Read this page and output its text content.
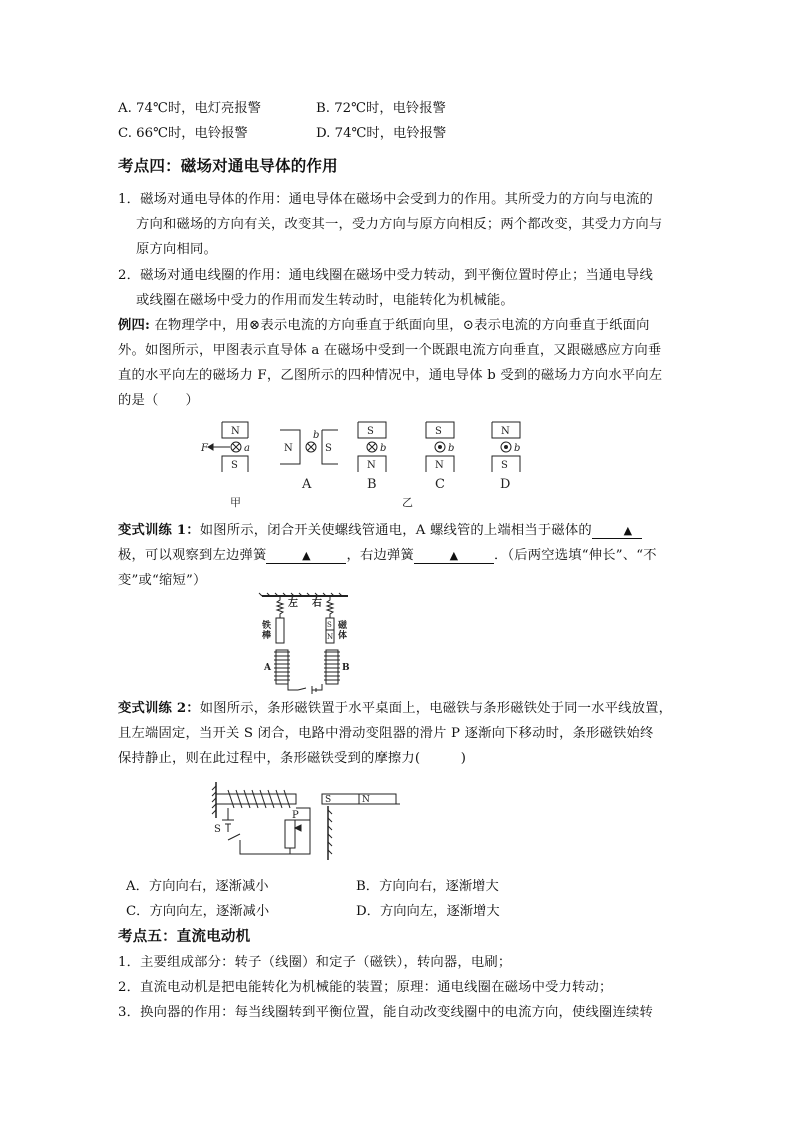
A. 74℃时，电灯亮报警	B. 72℃时，电铃报警
C. 66℃时，电铃报警	D. 74℃时，电铃报警
考点四：磁场对通电导体的作用
1．磁场对通电导体的作用：通电导体在磁场中会受到力的作用。其所受力的方向与电流的
方向和磁场的方向有关，改变其一，受力方向与原方向相反；两个都改变，其受力方向与
原方向相同。
2．磁场对通电线圈的作用：通电线圈在磁场中受力转动，到平衡位置时停止；当通电导线
或线圈在磁场中受力的作用而发生转动时，电能转化为机械能。
例四: 在物理学中，用⊗表示电流的方向垂直于纸面向里，⊙表示电流的方向垂直于纸面向
外。如图所示，甲图表示直导体 a 在磁场中受到一个既跟电流方向垂直，又跟磁感应方向垂
直的水平向左的磁场力 F，乙图所示的四种情况中，通电导体 b 受到的磁场力方向水平向左
的是（　　）
N
S
F	a	N	S
b	S
N
b
S
N
b
N
S
b
A	B	C	D
甲	乙
变式训练 1：如图所示，闭合开关使螺线管通电，A 螺线管的上端相当于磁体的	▲
极，可以观察到左边弹簧	▲	，右边弹簧	▲	．（后两空选填“伸长”、“不
变”或“缩短”）
左 右
铁
棒
S
N
磁
体
A	B
变式训练 2：如图所示，条形磁铁置于水平桌面上，电磁铁与条形磁铁处于同一水平线放置，
且左端固定，当开关 S 闭合，电路中滑动变阻器的滑片 P 逐渐向下移动时，条形磁铁始终
保持静止，则在此过程中，条形磁铁受到的摩擦力(　　　)
S	N
S
P
A．方向向右，逐渐减小	B．方向向右，逐渐增大
C．方向向左，逐渐减小	D．方向向左，逐渐增大
考点五：直流电动机
1．主要组成部分：转子（线圈）和定子（磁铁），转向器，电刷；
2．直流电动机是把电能转化为机械能的装置；原理：通电线圈在磁场中受力转动；
3．换向器的作用：每当线圈转到平衡位置，能自动改变线圈中的电流方向，使线圈连续转
